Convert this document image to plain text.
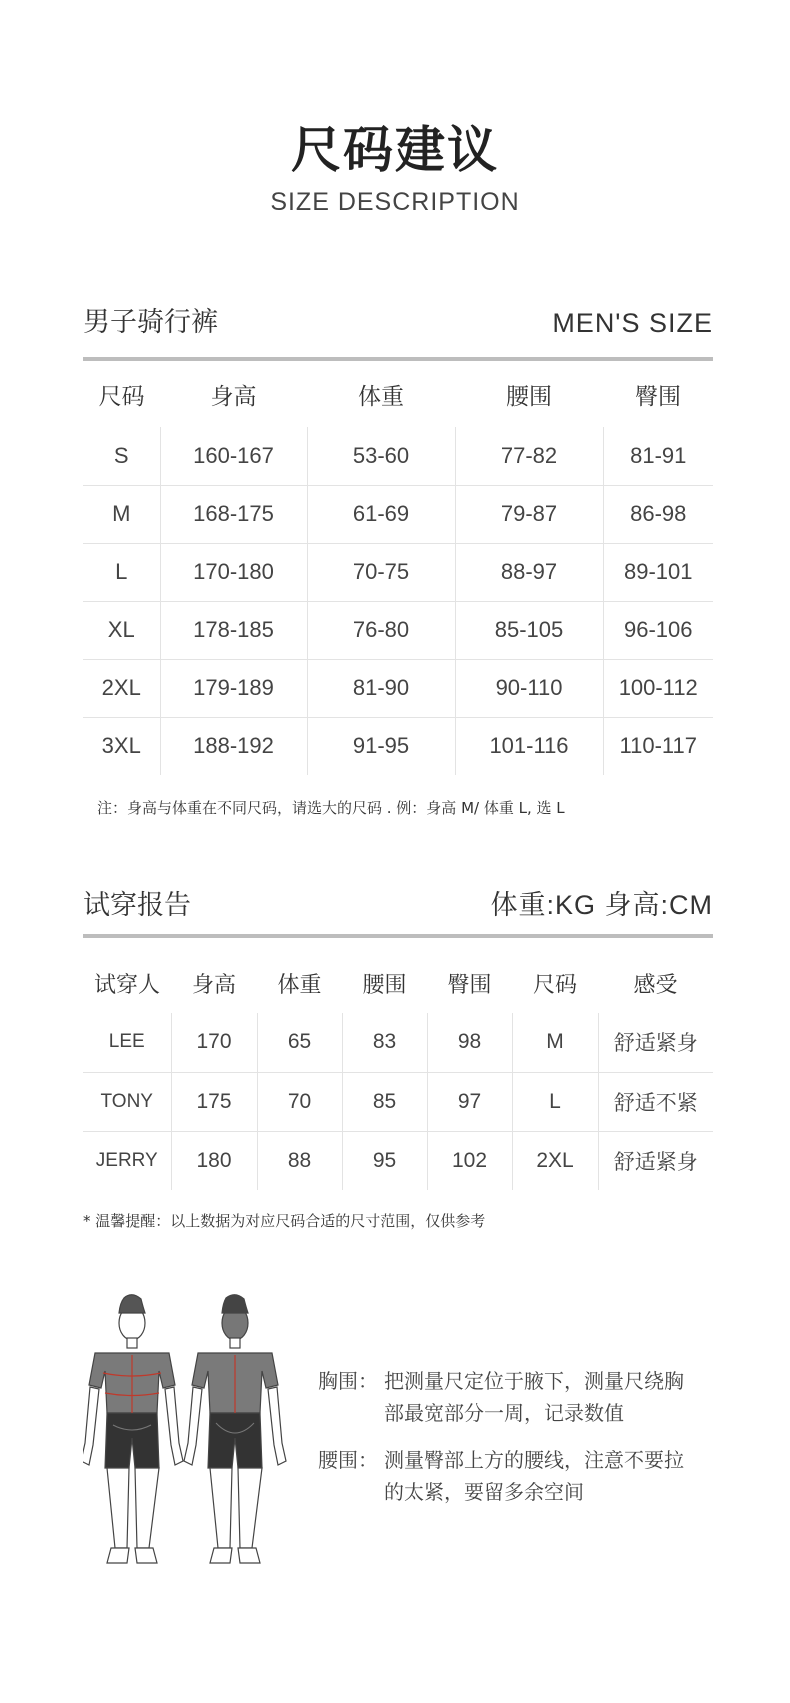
尺码建议
SIZE DESCRIPTION
男子骑行裤	MEN'S SIZE
尺码	身高	体重	腰围	臀围
S	160-167	53-60	77-82	81-91
M	168-175	61-69	79-87	86-98
L	170-180	70-75	88-97	89-101
XL	178-185	76-80	85-105	96-106
2XL	179-189	81-90	90-110	100-112
3XL	188-192	91-95	101-116	110-117
注：身高与体重在不同尺码，请选大的尺码 . 例：身高 M/ 体重 L, 选 L
试穿报告	体重:KG 身高:CM
试穿人	身高	体重	腰围	臀围	尺码	感受
LEE	170	65	83	98	M	舒适紧身
TONY	175	70	85	97	L	舒适不紧
JERRY	180	88	95	102	2XL	舒适紧身
* 温馨提醒：以上数据为对应尺码合适的尺寸范围，仅供参考
胸围： 把测量尺定位于腋下，测量尺绕胸
部最宽部分一周，记录数值
腰围： 测量臀部上方的腰线，注意不要拉
的太紧，要留多余空间
